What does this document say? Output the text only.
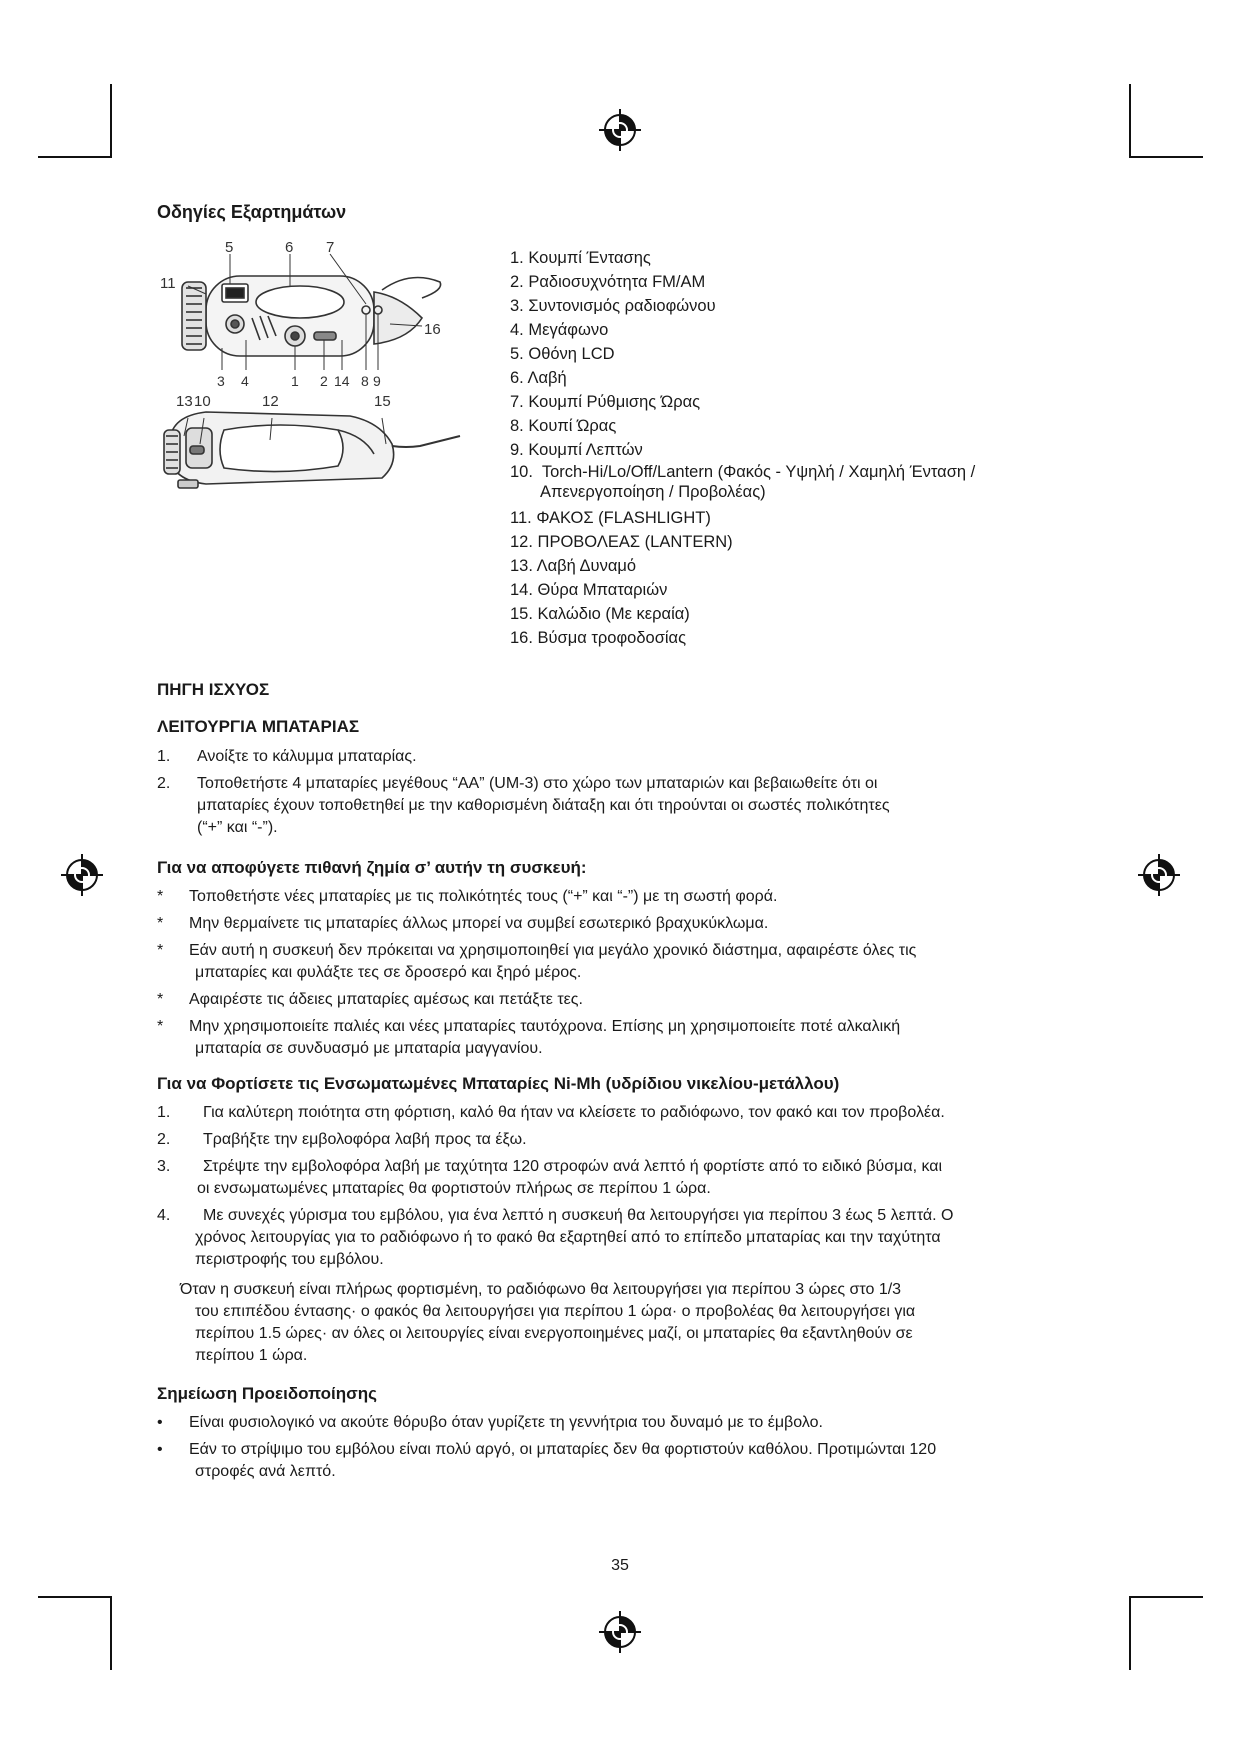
Οδηγίες Εξαρτημάτων
5	6 7
11
16
3 4	1 2 14 8 9
13 10	12	15
1. Κουμπί Έντασης
2. Ραδιοσυχνότητα FM/AM
3. Συντονισμός ραδιοφώνου
4. Μεγάφωνο
5. Οθόνη LCD
6. Λαβή
7. Κουμπί Ρύθμισης Ώρας
8. Κουπί Ώρας
9. Κουμπί Λεπτών
10. Torch-Hi/Lo/Off/Lantern (Φακός - Υψηλή / Χαμηλή Ένταση /
Απενεργοποίηση / Προβολέας)
11. ΦΑΚΟΣ (FLASHLIGHT)
12. ΠΡΟΒΟΛΕΑΣ (LANTERN)
13. Λαβή Δυναμό
14. Θύρα Μπαταριών
15. Καλώδιο (Με κεραία)
16. Βύσμα τροφοδοσίας
ΠΗΓΗ ΙΣΧΥΟΣ
ΛΕΙΤΟΥΡΓΙΑ ΜΠΑΤΑΡΙΑΣ
1. Ανοίξτε το κάλυμμα μπαταρίας.
2. Τοποθετήστε 4 μπαταρίες μεγέθους “AA” (UM-3) στο χώρο των μπαταριών και βεβαιωθείτε ότι οι
μπαταρίες έχουν τοποθετηθεί με την καθορισμένη διάταξη και ότι τηρούνται οι σωστές πολικότητες
(“+” και “-”).
Για να αποφύγετε πιθανή ζημία σ’ αυτήν τη συσκευή:
* Τοποθετήστε νέες μπαταρίες με τις πολικότητές τους (“+” και “-”) με τη σωστή φορά.
* Μην θερμαίνετε τις μπαταρίες άλλως μπορεί να συμβεί εσωτερικό βραχυκύκλωμα.
* Εάν αυτή η συσκευή δεν πρόκειται να χρησιμοποιηθεί για μεγάλο χρονικό διάστημα, αφαιρέστε όλες τις
μπαταρίες και φυλάξτε τες σε δροσερό και ξηρό μέρος.
* Αφαιρέστε τις άδειες μπαταρίες αμέσως και πετάξτε τες.
* Μην χρησιμοποιείτε παλιές και νέες μπαταρίες ταυτόχρονα. Επίσης μη χρησιμοποιείτε ποτέ αλκαλική
μπαταρία σε συνδυασμό με μπαταρία μαγγανίου.
Για να Φορτίσετε τις Ενσωματωμένες Μπαταρίες Ni-Mh (υδρίδιου νικελίου-μετάλλου)
1. Για καλύτερη ποιότητα στη φόρτιση, καλό θα ήταν να κλείσετε το ραδιόφωνο, τον φακό και τον προβολέα.
2. Τραβήξτε την εμβολοφόρα λαβή προς τα έξω.
3. Στρέψτε την εμβολοφόρα λαβή με ταχύτητα 120 στροφών ανά λεπτό ή φορτίστε από το ειδικό βύσμα, και
οι ενσωματωμένες μπαταρίες θα φορτιστούν πλήρως σε περίπου 1 ώρα.
4. Με συνεχές γύρισμα του εμβόλου, για ένα λεπτό η συσκευή θα λειτουργήσει για περίπου 3 έως 5 λεπτά. Ο
χρόνος λειτουργίας για το ραδιόφωνο ή το φακό θα εξαρτηθεί από το επίπεδο μπαταρίας και την ταχύτητα
περιστροφής του εμβόλου.
Όταν η συσκευή είναι πλήρως φορτισμένη, το ραδιόφωνο θα λειτουργήσει για περίπου 3 ώρες στο 1/3
του επιπέδου έντασης· ο φακός θα λειτουργήσει για περίπου 1 ώρα· ο προβολέας θα λειτουργήσει για
περίπου 1.5 ώρες· αν όλες οι λειτουργίες είναι ενεργοποιημένες μαζί, οι μπαταρίες θα εξαντληθούν σε
περίπου 1 ώρα.
Σημείωση Προειδοποίησης
• Είναι φυσιολογικό να ακούτε θόρυβο όταν γυρίζετε τη γεννήτρια του δυναμό με το έμβολο.
• Εάν το στρίψιμο του εμβόλου είναι πολύ αργό, οι μπαταρίες δεν θα φορτιστούν καθόλου. Προτιμώνται 120
στροφές ανά λεπτό.
35
